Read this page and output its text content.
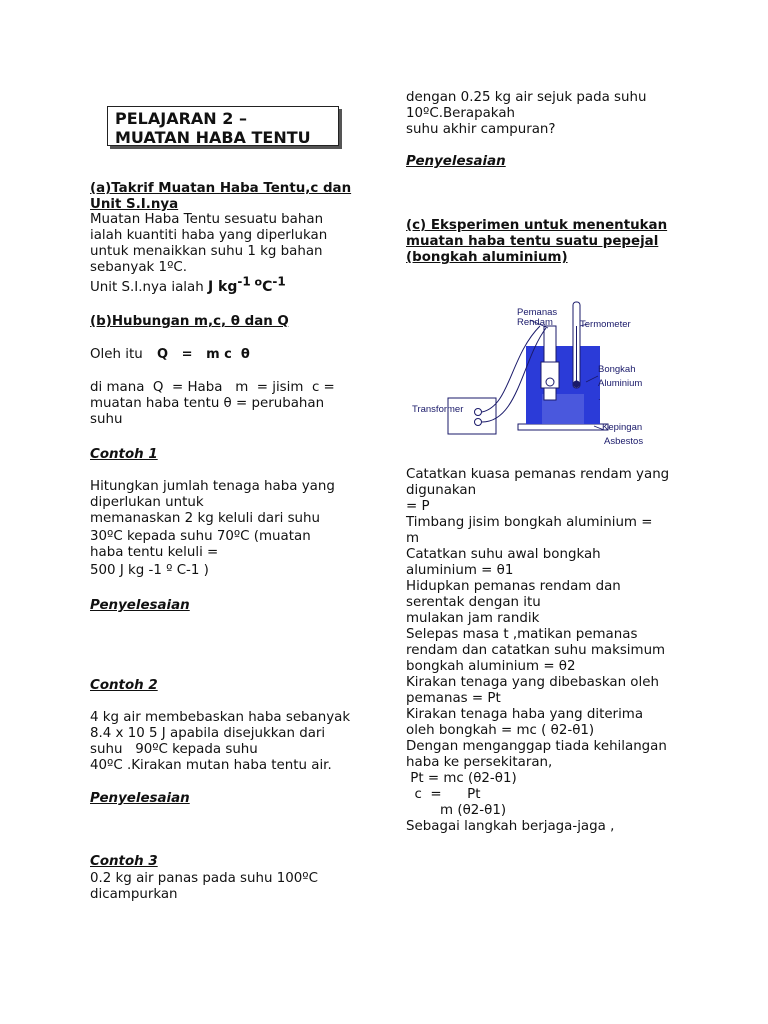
PELAJARAN 2 –
MUATAN HABA TENTU
(a)Takrif Muatan Haba Tentu,c dan
Unit S.I.nya
Muatan Haba Tentu sesuatu bahan
ialah kuantiti haba yang diperlukan
untuk menaikkan suhu 1 kg bahan
sebanyak 1ºC.
Unit S.I.nya ialah J $kg^{-1}$ $^oC^{-1}$
(b)Hubungan m,c, θ dan Q
Oleh itu Q   =   m c  θ
di mana  Q  = Haba   m  = jisim  c =
muatan haba tentu θ = perubahan
suhu
Contoh 1
Hitungkan jumlah tenaga haba yang
diperlukan untuk
memanaskan 2 kg keluli dari suhu
30ºC kepada suhu 70ºC (muatan
haba tentu keluli =
500 J kg -1 º C-1 )
Penyelesaian
Contoh 2
4 kg air membebaskan haba sebanyak
8.4 x 10 5 J apabila disejukkan dari
suhu   90ºC kepada suhu
40ºC .Kirakan mutan haba tentu air.
Penyelesaian
Contoh 3
0.2 kg air panas pada suhu 100ºC
dicampurkan
dengan 0.25 kg air sejuk pada suhu
10ºC.Berapakah
suhu akhir campuran?
Penyelesaian
(c) Eksperimen untuk menentukan
muatan haba tentu suatu pepejal
(bongkah aluminium)
Catatkan kuasa pemanas rendam yang
digunakan
= P
Timbang jisim bongkah aluminium =
m
Catatkan suhu awal bongkah
aluminium = θ1
Hidupkan pemanas rendam dan
serentak dengan itu
mulakan jam randik
Selepas masa t ,matikan pemanas
rendam dan catatkan suhu maksimum
bongkah aluminium = θ2
Kirakan tenaga yang dibebaskan oleh
pemanas = Pt
Kirakan tenaga haba yang diterima
oleh bongkah = mc ( θ2-θ1)
Dengan menganggap tiada kehilangan
haba ke persekitaran,
Pt = mc (θ2-θ1)
c  =      Pt
m (θ2-θ1)
Sebagai langkah berjaga-jaga ,
Pemanas
Rendam	Termometer
Bongkah
Aluminium
.
Transformer
Kepingan
Asbestos
